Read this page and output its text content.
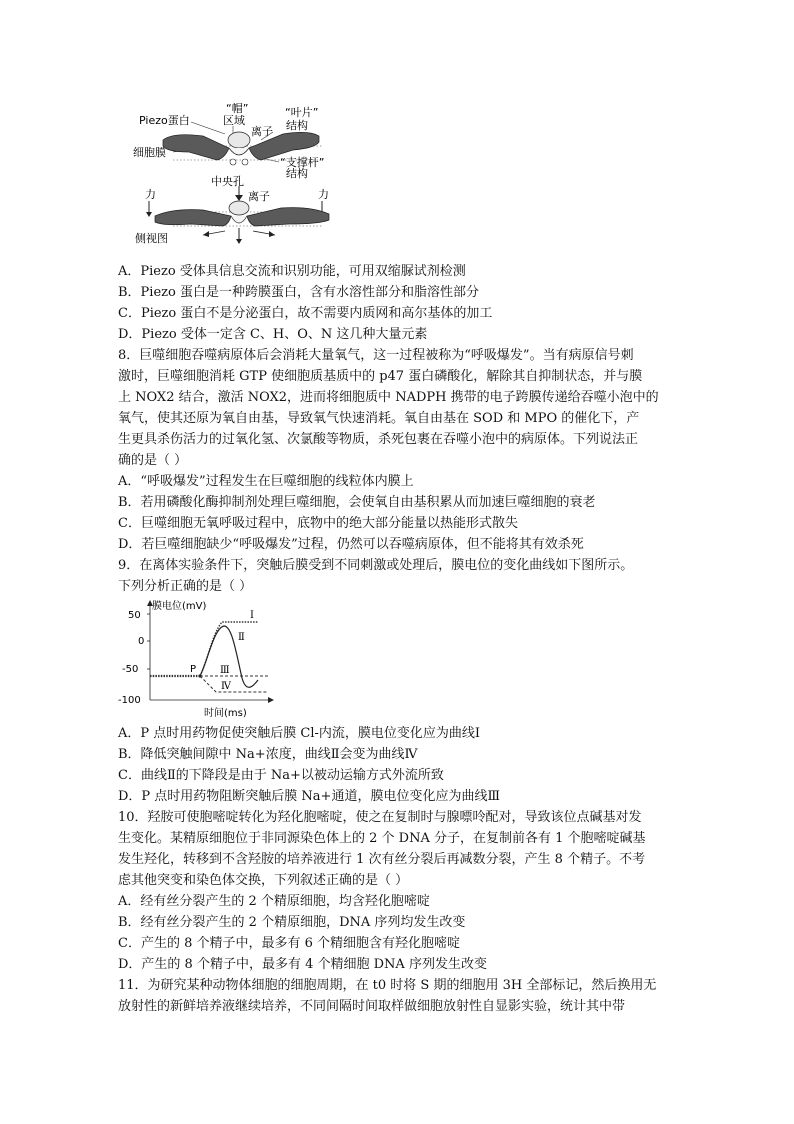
“帽”	“叶片”
Piezo蛋白	区域
离子 结构
细胞膜
“支撑杆”
结构
中央孔
离子
力	力
侧视图
A．Piezo 受体具信息交流和识别功能，可用双缩脲试剂检测
B．Piezo 蛋白是一种跨膜蛋白，含有水溶性部分和脂溶性部分
C．Piezo 蛋白不是分泌蛋白，故不需要内质网和高尔基体的加工
D．Piezo 受体一定含 C、H、O、N 这几种大量元素
8．巨噬细胞吞噬病原体后会消耗大量氧气，这一过程被称为“呼吸爆发”。当有病原信号刺
激时，巨噬细胞消耗 GTP 使细胞质基质中的 p47 蛋白磷酸化，解除其自抑制状态，并与膜
上 NOX2 结合，激活 NOX2，进而将细胞质中 NADPH 携带的电子跨膜传递给吞噬小泡中的
氧气，使其还原为氧自由基，导致氧气快速消耗。氧自由基在 SOD 和 MPO 的催化下，产
生更具杀伤活力的过氧化氢、次氯酸等物质，杀死包裹在吞噬小泡中的病原体。下列说法正
确的是（ ）
A．“呼吸爆发”过程发生在巨噬细胞的线粒体内膜上
B．若用磷酸化酶抑制剂处理巨噬细胞，会使氧自由基积累从而加速巨噬细胞的衰老
C．巨噬细胞无氧呼吸过程中，底物中的绝大部分能量以热能形式散失
D．若巨噬细胞缺少“呼吸爆发”过程，仍然可以吞噬病原体，但不能将其有效杀死
9．在离体实验条件下，突触后膜受到不同刺激或处理后，膜电位的变化曲线如下图所示。
下列分析正确的是（ ）
膜电位(mV)
时间(ms)
50
0
-50
-100
P
Ⅰ
Ⅱ
Ⅲ
Ⅳ
A．P 点时用药物促使突触后膜 Cl-内流，膜电位变化应为曲线Ⅰ
B．降低突触间隙中 Na+浓度，曲线Ⅱ会变为曲线Ⅳ
C．曲线Ⅱ的下降段是由于 Na+以被动运输方式外流所致
D．P 点时用药物阻断突触后膜 Na+通道，膜电位变化应为曲线Ⅲ
10．羟胺可使胞嘧啶转化为羟化胞嘧啶，使之在复制时与腺嘌呤配对，导致该位点碱基对发
生变化。某精原细胞位于非同源染色体上的 2 个 DNA 分子，在复制前各有 1 个胞嘧啶碱基
发生羟化，转移到不含羟胺的培养液进行 1 次有丝分裂后再减数分裂，产生 8 个精子。不考
虑其他突变和染色体交换，下列叙述正确的是（ ）
A．经有丝分裂产生的 2 个精原细胞，均含羟化胞嘧啶
B．经有丝分裂产生的 2 个精原细胞，DNA 序列均发生改变
C．产生的 8 个精子中，最多有 6 个精细胞含有羟化胞嘧啶
D．产生的 8 个精子中，最多有 4 个精细胞 DNA 序列发生改变
11．为研究某种动物体细胞的细胞周期，在 t0 时将 S 期的细胞用 3H 全部标记，然后换用无
放射性的新鲜培养液继续培养，不同间隔时间取样做细胞放射性自显影实验，统计其中带
